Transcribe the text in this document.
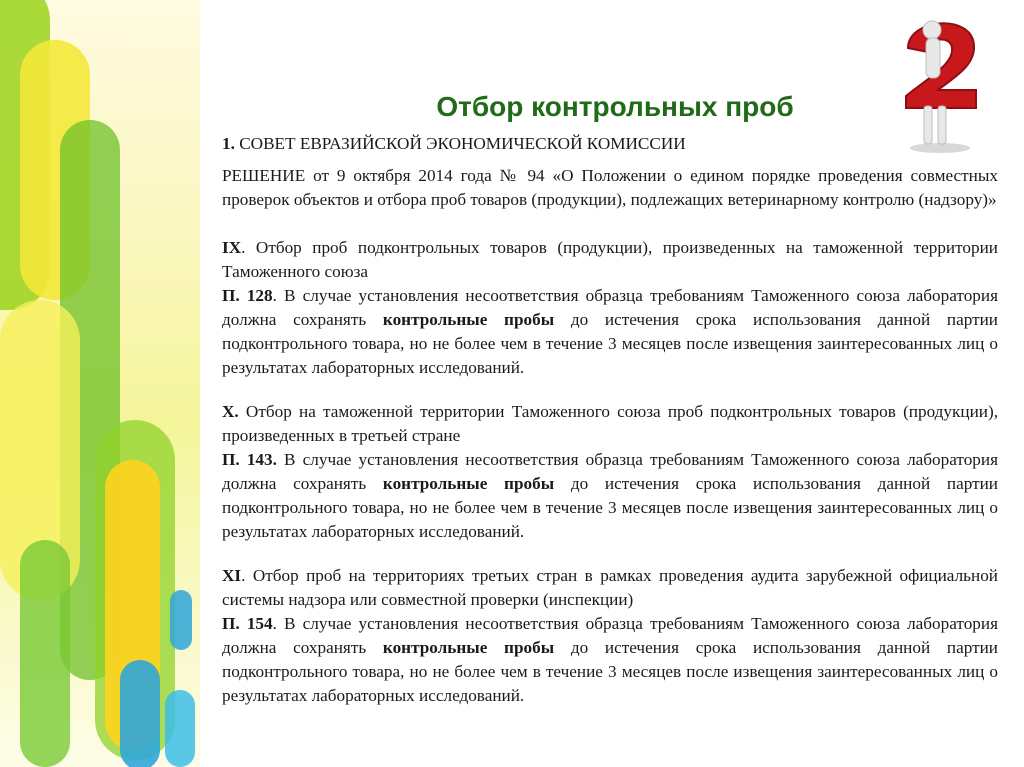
Отбор контрольных проб

1. СОВЕТ ЕВРАЗИЙСКОЙ ЭКОНОМИЧЕСКОЙ КОМИССИИ

РЕШЕНИЕ от 9 октября 2014 года № 94 «О Положении о едином порядке проведения совместных проверок объектов и отбора проб товаров (продукции), подлежащих ветеринарному контролю (надзору)»

IX. Отбор проб подконтрольных товаров (продукции), произведенных на таможенной территории Таможенного союза

П. 128. В случае установления несоответствия образца требованиям Таможенного союза лаборатория должна сохранять контрольные пробы до истечения срока использования данной партии подконтрольного товара, но не более чем в течение 3 месяцев после извещения заинтересованных лиц о результатах лабораторных исследований.

Х. Отбор на таможенной территории Таможенного союза проб подконтрольных товаров (продукции), произведенных в третьей стране

П. 143. В случае установления несоответствия образца требованиям Таможенного союза лаборатория должна сохранять контрольные пробы до истечения срока использования данной партии подконтрольного товара, но не более чем в течение 3 месяцев после извещения заинтересованных лиц о результатах лабораторных исследований.

XI. Отбор проб на территориях третьих стран в рамках проведения аудита зарубежной официальной системы надзора или совместной проверки (инспекции)

П. 154. В случае установления несоответствия образца требованиям Таможенного союза лаборатория должна сохранять контрольные пробы до истечения срока использования данной партии подконтрольного товара, но не более чем в течение 3 месяцев после извещения заинтересованных лиц о результатах лабораторных исследований.
